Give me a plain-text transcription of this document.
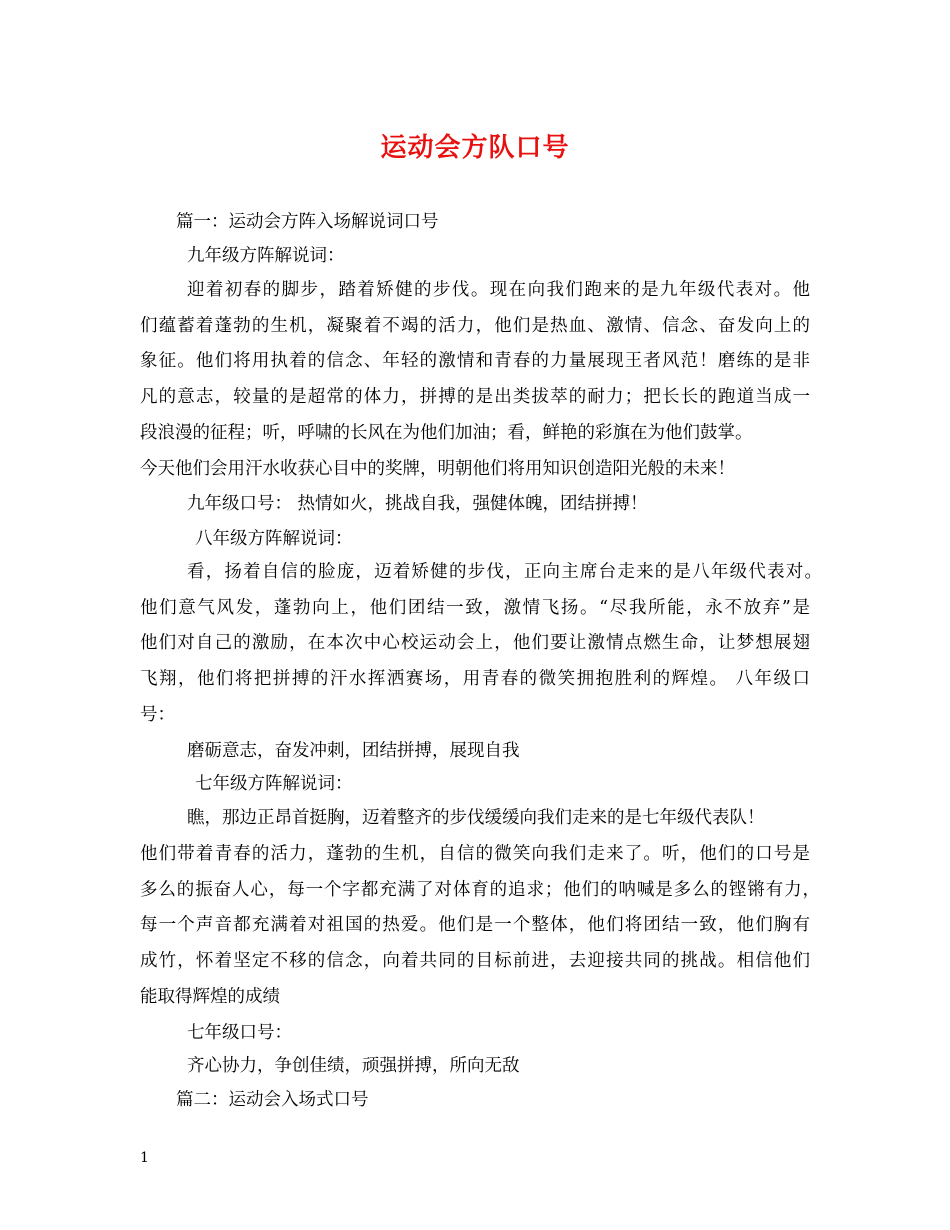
运动会方队口号
篇一：运动会方阵入场解说词口号
九年级方阵解说词：
迎着初春的脚步，踏着矫健的步伐。现在向我们跑来的是九年级代表对。他
们蕴蓄着蓬勃的生机，凝聚着不竭的活力，他们是热血、激情、信念、奋发向上的
象征。他们将用执着的信念、年轻的激情和青春的力量展现王者风范！磨练的是非
凡的意志，较量的是超常的体力，拼搏的是出类拔萃的耐力；把长长的跑道当成一
段浪漫的征程；听，呼啸的长风在为他们加油；看，鲜艳的彩旗在为他们鼓掌。
今天他们会用汗水收获心目中的奖牌，明朝他们将用知识创造阳光般的未来！
九年级口号： 热情如火，挑战自我，强健体魄，团结拼搏！
八年级方阵解说词：
看，扬着自信的脸庞，迈着矫健的步伐，正向主席台走来的是八年级代表对。
他们意气风发，蓬勃向上，他们团结一致，激情飞扬。“尽我所能，永不放弃”是
他们对自己的激励，在本次中心校运动会上，他们要让激情点燃生命，让梦想展翅
飞翔，他们将把拼搏的汗水挥洒赛场，用青春的微笑拥抱胜利的辉煌。 八年级口
号：
磨砺意志，奋发冲刺，团结拼搏，展现自我
七年级方阵解说词：
瞧，那边正昂首挺胸，迈着整齐的步伐缓缓向我们走来的是七年级代表队！
他们带着青春的活力，蓬勃的生机，自信的微笑向我们走来了。听，他们的口号是
多么的振奋人心，每一个字都充满了对体育的追求；他们的呐喊是多么的铿锵有力，
每一个声音都充满着对祖国的热爱。他们是一个整体，他们将团结一致，他们胸有
成竹，怀着坚定不移的信念，向着共同的目标前进，去迎接共同的挑战。相信他们
能取得辉煌的成绩
七年级口号：
齐心协力，争创佳绩，顽强拼搏，所向无敌
篇二：运动会入场式口号
1
